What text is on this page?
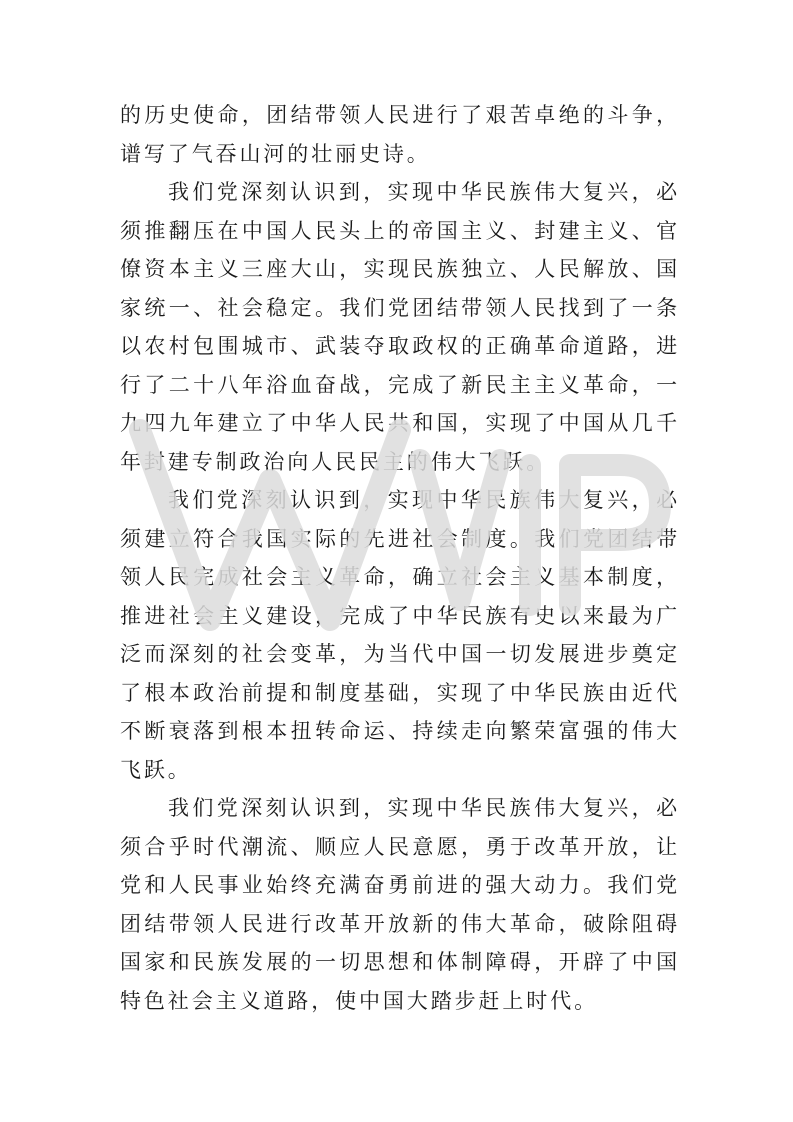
的历史使命，团结带领人民进行了艰苦卓绝的斗争，谱写了气吞山河的壮丽史诗。

我们党深刻认识到，实现中华民族伟大复兴，必须推翻压在中国人民头上的帝国主义、封建主义、官僚资本主义三座大山，实现民族独立、人民解放、国家统一、社会稳定。我们党团结带领人民找到了一条以农村包围城市、武装夺取政权的正确革命道路，进行了二十八年浴血奋战，完成了新民主主义革命，一九四九年建立了中华人民共和国，实现了中国从几千年封建专制政治向人民民主的伟大飞跃。

我们党深刻认识到，实现中华民族伟大复兴，必须建立符合我国实际的先进社会制度。我们党团结带领人民完成社会主义革命，确立社会主义基本制度，推进社会主义建设，完成了中华民族有史以来最为广泛而深刻的社会变革，为当代中国一切发展进步奠定了根本政治前提和制度基础，实现了中华民族由近代不断衰落到根本扭转命运、持续走向繁荣富强的伟大飞跃。

我们党深刻认识到，实现中华民族伟大复兴，必须合乎时代潮流、顺应人民意愿，勇于改革开放，让党和人民事业始终充满奋勇前进的强大动力。我们党团结带领人民进行改革开放新的伟大革命，破除阻碍国家和民族发展的一切思想和体制障碍，开辟了中国特色社会主义道路，使中国大踏步赶上时代。
